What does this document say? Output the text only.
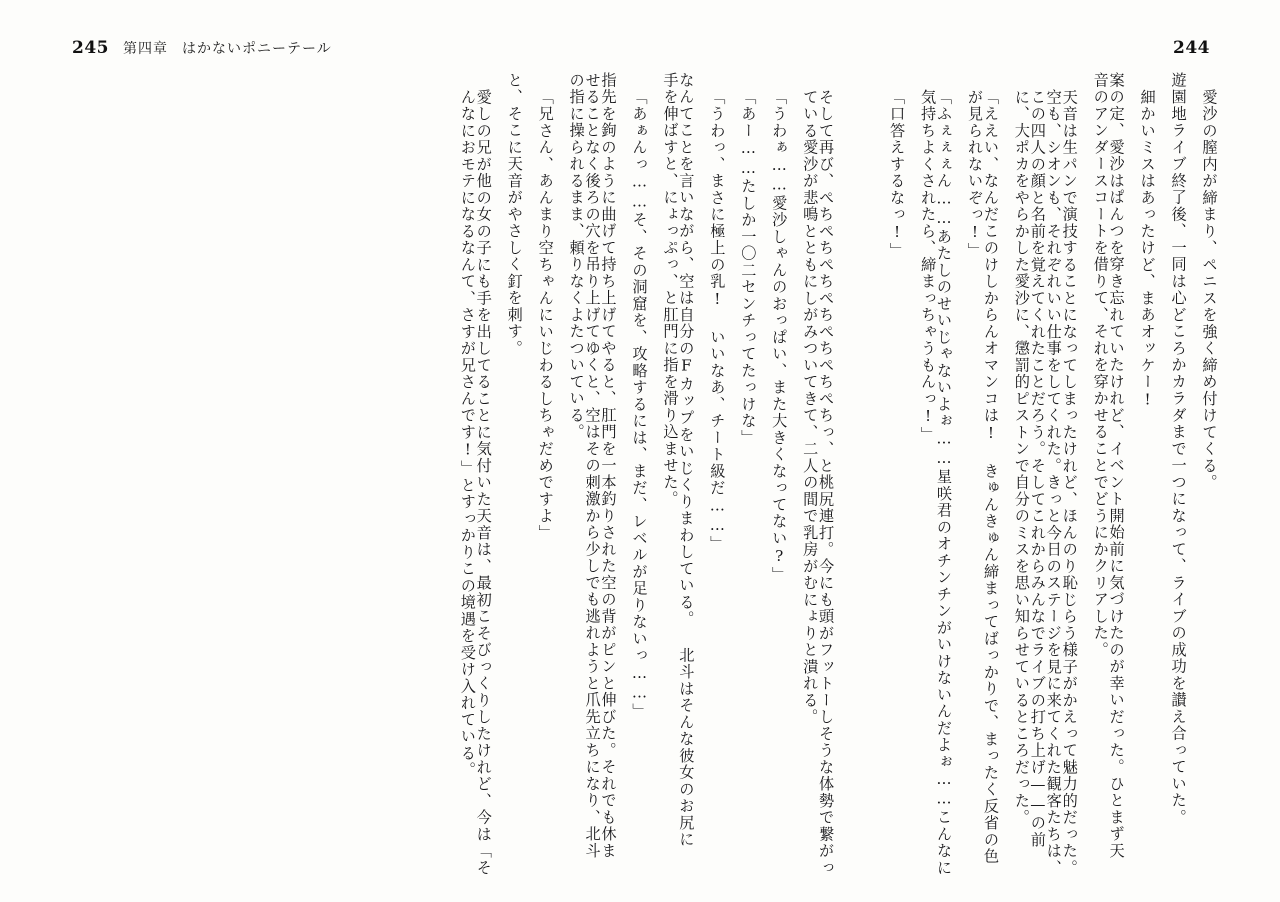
245 第四章 はかないポニーテール	244
愛沙の膣内が締まり、ペニスを強く締め付けてくる。
遊園地ライブ終了後、一同は心どころかカラダまで一つになって、ライブの成功を讃え合っていた。
細かいミスはあったけど、まあオッケー!
案の定、愛沙はぱんつを穿き忘れていたけれど、イベント開始前に気づけたのが幸いだった。ひとまず天音のアンダースコートを借りて、それを穿かせることでどうにかクリアした。
天音は生パンで演技することになってしまったけれど、ほんのり恥じらう様子がかえって魅力的だった。空も、シオンも、それぞれいい仕事をしてくれた。きっと今日のステージを見に来てくれた観客たちは、この四人の顔と名前を覚えてくれたことだろう。そしてこれからみんなでライブの打ち上げ——の前に、大ポカをやらかした愛沙に、懲罰的ピストンで自分のミスを思い知らせているところだった。
「ええい、なんだこのけしからんオマンコは! きゅんきゅん締まってばっかりで、まったく反省の色が見られないぞっ!」
「ふぇぇぇん……あたしのせいじゃないよぉ……星咲君のオチンチンがいけないんだよぉ……こんなに気持ちよくされたら、締まっちゃうもんっ!」
「口答えするなっ!」
そして再び、ぺちぺちぺちぺちぺちぺちぺちっ、と桃尻連打。今にも頭がフットーしそうな体勢で繋がっている愛沙が悲鳴とともにしがみついてきて、二人の間で乳房がむにょりと潰れる。
「うわぁ……愛沙しゃんのおっぱい、また大きくなってない?」
「あー……たしか一〇二センチってたっけな」
「うわっ、まさに極上の乳! いいなあ、チート級だ……」
なんてことを言いながら、空は自分のFカップをいじくりまわしている。 北斗はそんな彼女のお尻に手を伸ばすと、にょっぷっ、と肛門に指を滑り込ませた。
「あぁんっ……そ、その洞窟を、攻略するには、まだ、レベルが足りないっ……」
指先を鉤のように曲げて持ち上げてやると、肛門を一本釣りされた空の背がピンと伸びた。それでも休ませることなく後ろの穴を吊り上げてゆくと、空はその刺激から少しでも逃れようと爪先立ちになり、北斗の指に操られるまま、頼りなくよたついている。
「兄さん、あんまり空ちゃんにいじわるしちゃだめですよ」
と、そこに天音がやさしく釘を刺す。
愛しの兄が他の女の子にも手を出してることに気付いた天音は、最初こそびっくりしたけれど、今は「そんなにおモテになるなんて、さすが兄さんです!」とすっかりこの境遇を受け入れている。
